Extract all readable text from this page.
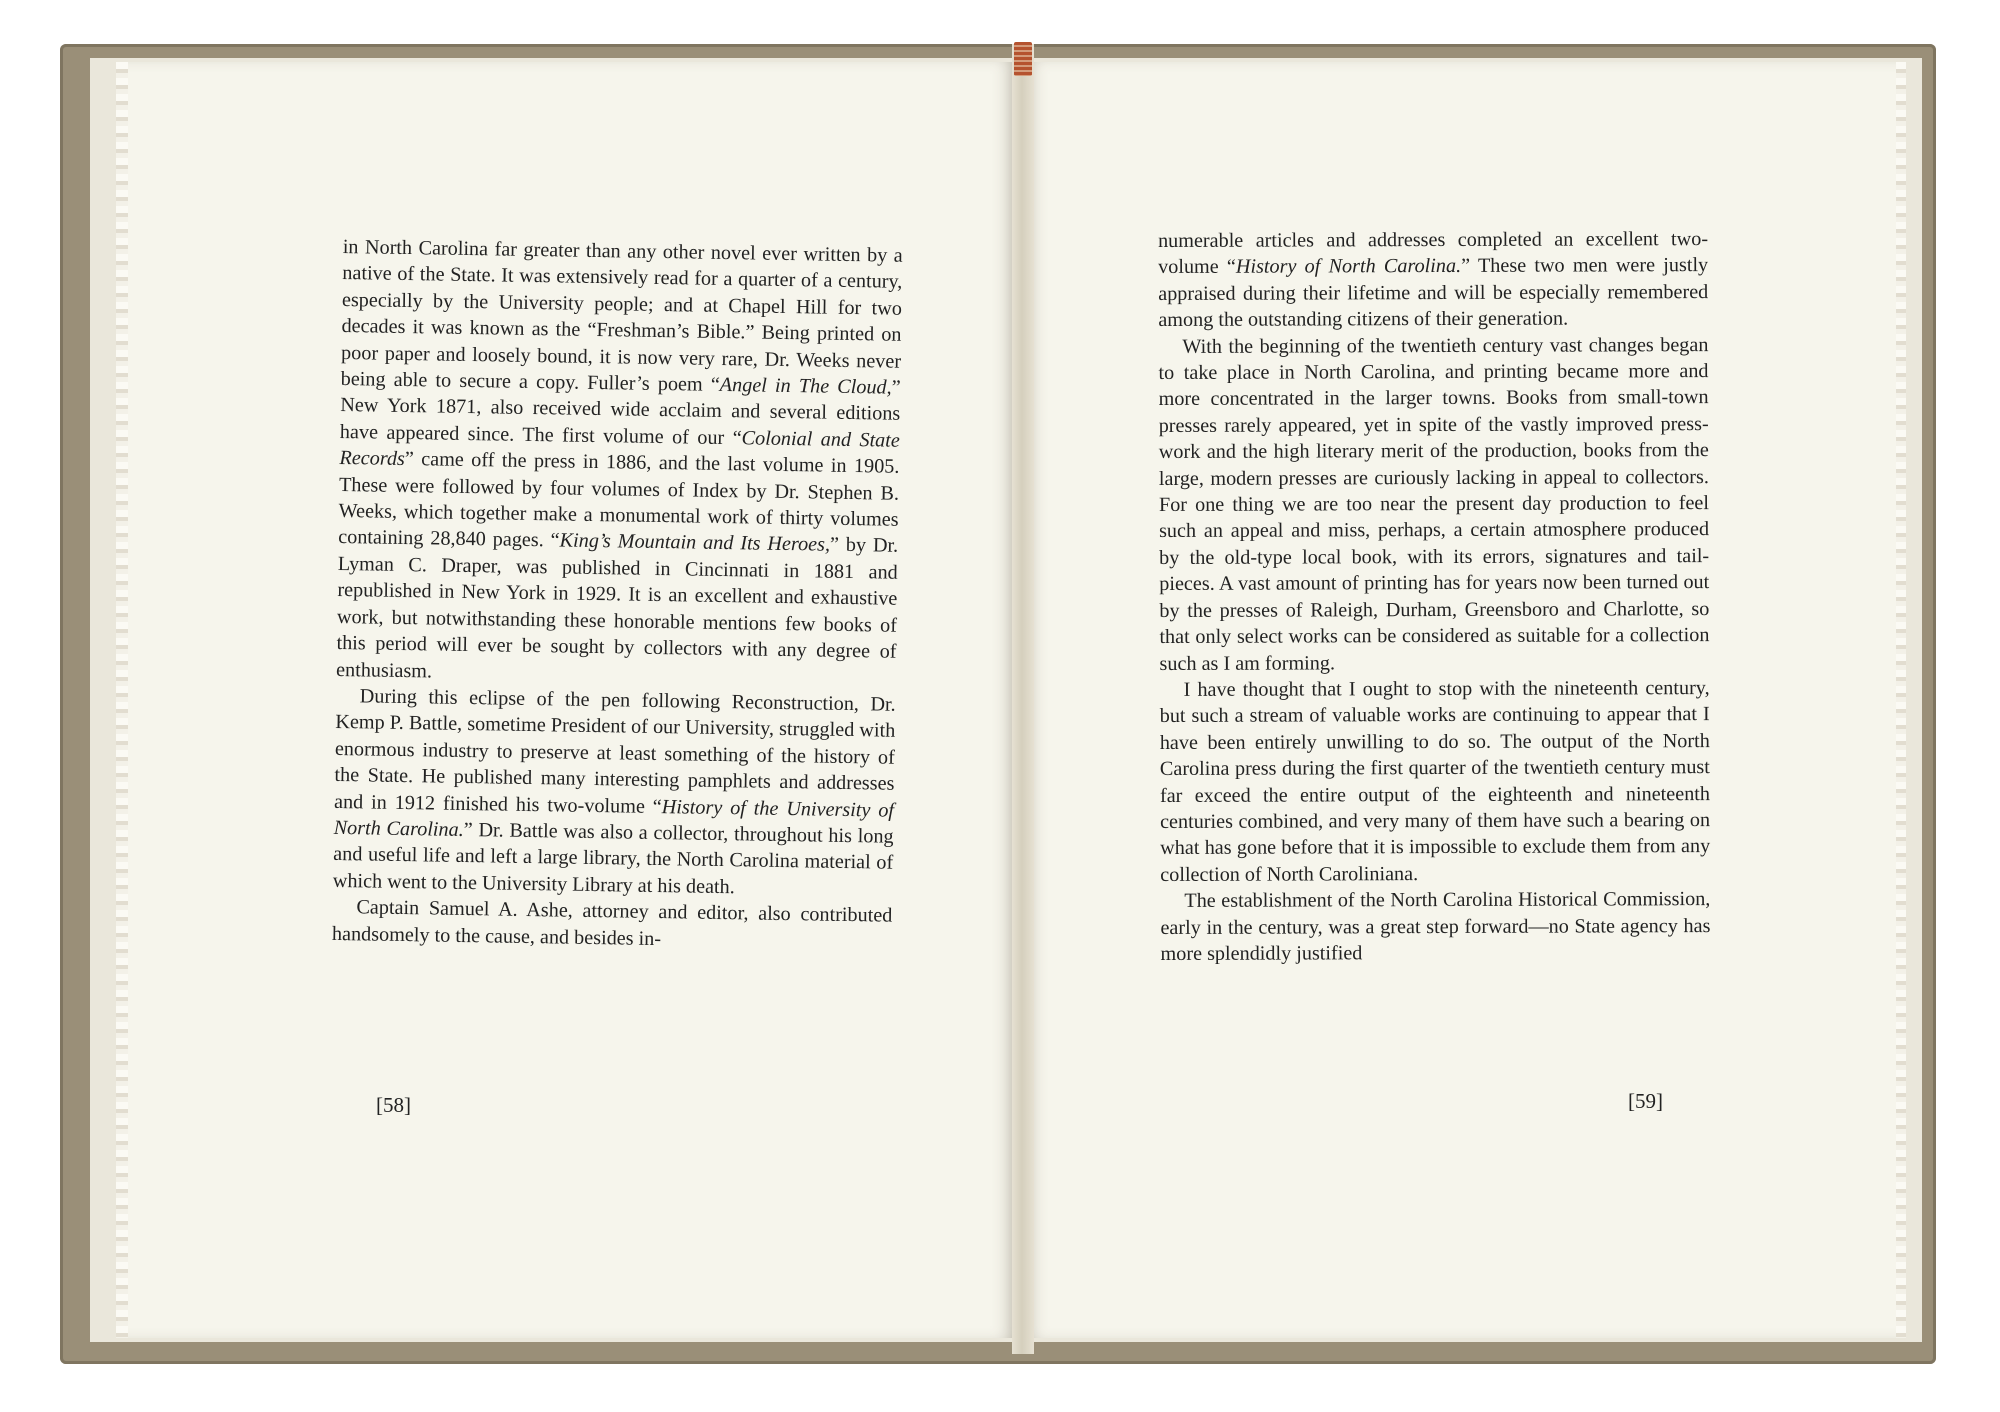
in North Carolina far greater than any other novel ever written by a native of the State. It was extensively read for a quarter of a century, especially by the University people; and at Chapel Hill for two decades it was known as the “Freshman’s Bible.” Being printed on poor paper and loosely bound, it is now very rare, Dr. Weeks never being able to secure a copy. Fuller’s poem “Angel in The Cloud,” New York 1871, also received wide acclaim and several editions have appeared since. The first volume of our “Colonial and State Records” came off the press in 1886, and the last volume in 1905. These were followed by four volumes of Index by Dr. Stephen B. Weeks, which together make a monumental work of thirty volumes containing 28,840 pages. “King’s Mountain and Its Heroes,” by Dr. Lyman C. Draper, was published in Cincinnati in 1881 and republished in New York in 1929. It is an excellent and exhaustive work, but notwithstanding these honorable mentions few books of this period will ever be sought by collectors with any degree of enthusiasm.

During this eclipse of the pen following Reconstruction, Dr. Kemp P. Battle, sometime President of our University, struggled with enormous industry to preserve at least something of the history of the State. He published many interesting pamphlets and addresses and in 1912 finished his two-volume “History of the University of North Carolina.” Dr. Battle was also a collector, throughout his long and useful life and left a large library, the North Carolina material of which went to the University Library at his death.

Captain Samuel A. Ashe, attorney and editor, also contributed handsomely to the cause, and besides in-

[58]

numerable articles and addresses completed an excellent two-volume “History of North Carolina.” These two men were justly appraised during their lifetime and will be especially remembered among the outstanding citizens of their generation.

With the beginning of the twentieth century vast changes began to take place in North Carolina, and printing became more and more concentrated in the larger towns. Books from small-town presses rarely appeared, yet in spite of the vastly improved press-work and the high literary merit of the production, books from the large, modern presses are curiously lacking in appeal to collectors. For one thing we are too near the present day production to feel such an appeal and miss, perhaps, a certain atmosphere produced by the old-type local book, with its errors, signatures and tail-pieces. A vast amount of printing has for years now been turned out by the presses of Raleigh, Durham, Greensboro and Charlotte, so that only select works can be considered as suitable for a collection such as I am forming.

I have thought that I ought to stop with the nineteenth century, but such a stream of valuable works are continuing to appear that I have been entirely unwilling to do so. The output of the North Carolina press during the first quarter of the twentieth century must far exceed the entire output of the eighteenth and nineteenth centuries combined, and very many of them have such a bearing on what has gone before that it is impossible to exclude them from any collection of North Caroliniana.

The establishment of the North Carolina Historical Commission, early in the century, was a great step forward—no State agency has more splendidly justified

[59]
